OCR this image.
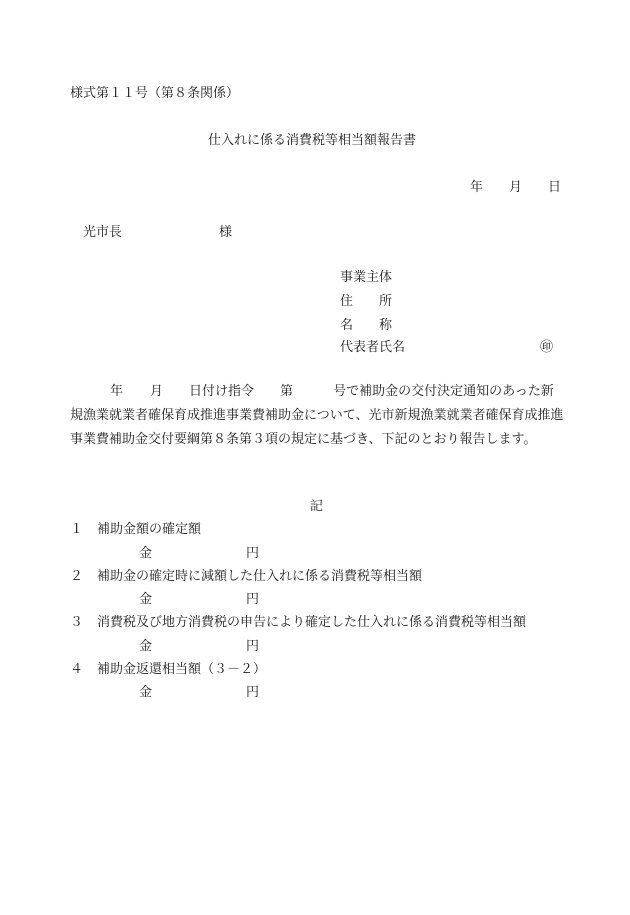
様式第１１号（第８条関係）
仕入れに係る消費税等相当額報告書
年 月 日
光市長	様
事業主体
住　　所
名　　称
代表者氏名	㊞
年 月 日付け指令 第	号で補助金の交付決定通知のあった新規漁業就業者確保育成推進事業費補助金について、光市新規漁業就業者確保育成推進事業費補助金交付要綱第８条第３項の規定に基づき、下記のとおり報告します。
記
１ 補助金額の確定額
金	円
２ 補助金の確定時に減額した仕入れに係る消費税等相当額
金	円
３ 消費税及び地方消費税の申告により確定した仕入れに係る消費税等相当額
金	円
４ 補助金返還相当額（３－２）
金	円
